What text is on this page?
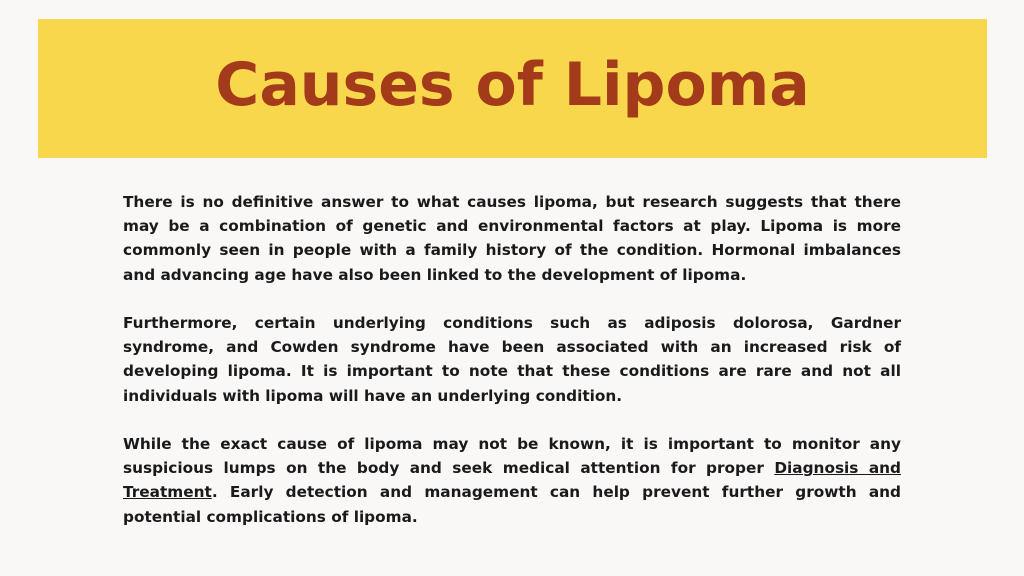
Causes of Lipoma

There is no definitive answer to what causes lipoma, but research suggests that there may be a combination of genetic and environmental factors at play. Lipoma is more commonly seen in people with a family history of the condition. Hormonal imbalances and advancing age have also been linked to the development of lipoma.

Furthermore, certain underlying conditions such as adiposis dolorosa, Gardner syndrome, and Cowden syndrome have been associated with an increased risk of developing lipoma. It is important to note that these conditions are rare and not all individuals with lipoma will have an underlying condition.

While the exact cause of lipoma may not be known, it is important to monitor any suspicious lumps on the body and seek medical attention for proper Diagnosis and Treatment. Early detection and management can help prevent further growth and potential complications of lipoma.
